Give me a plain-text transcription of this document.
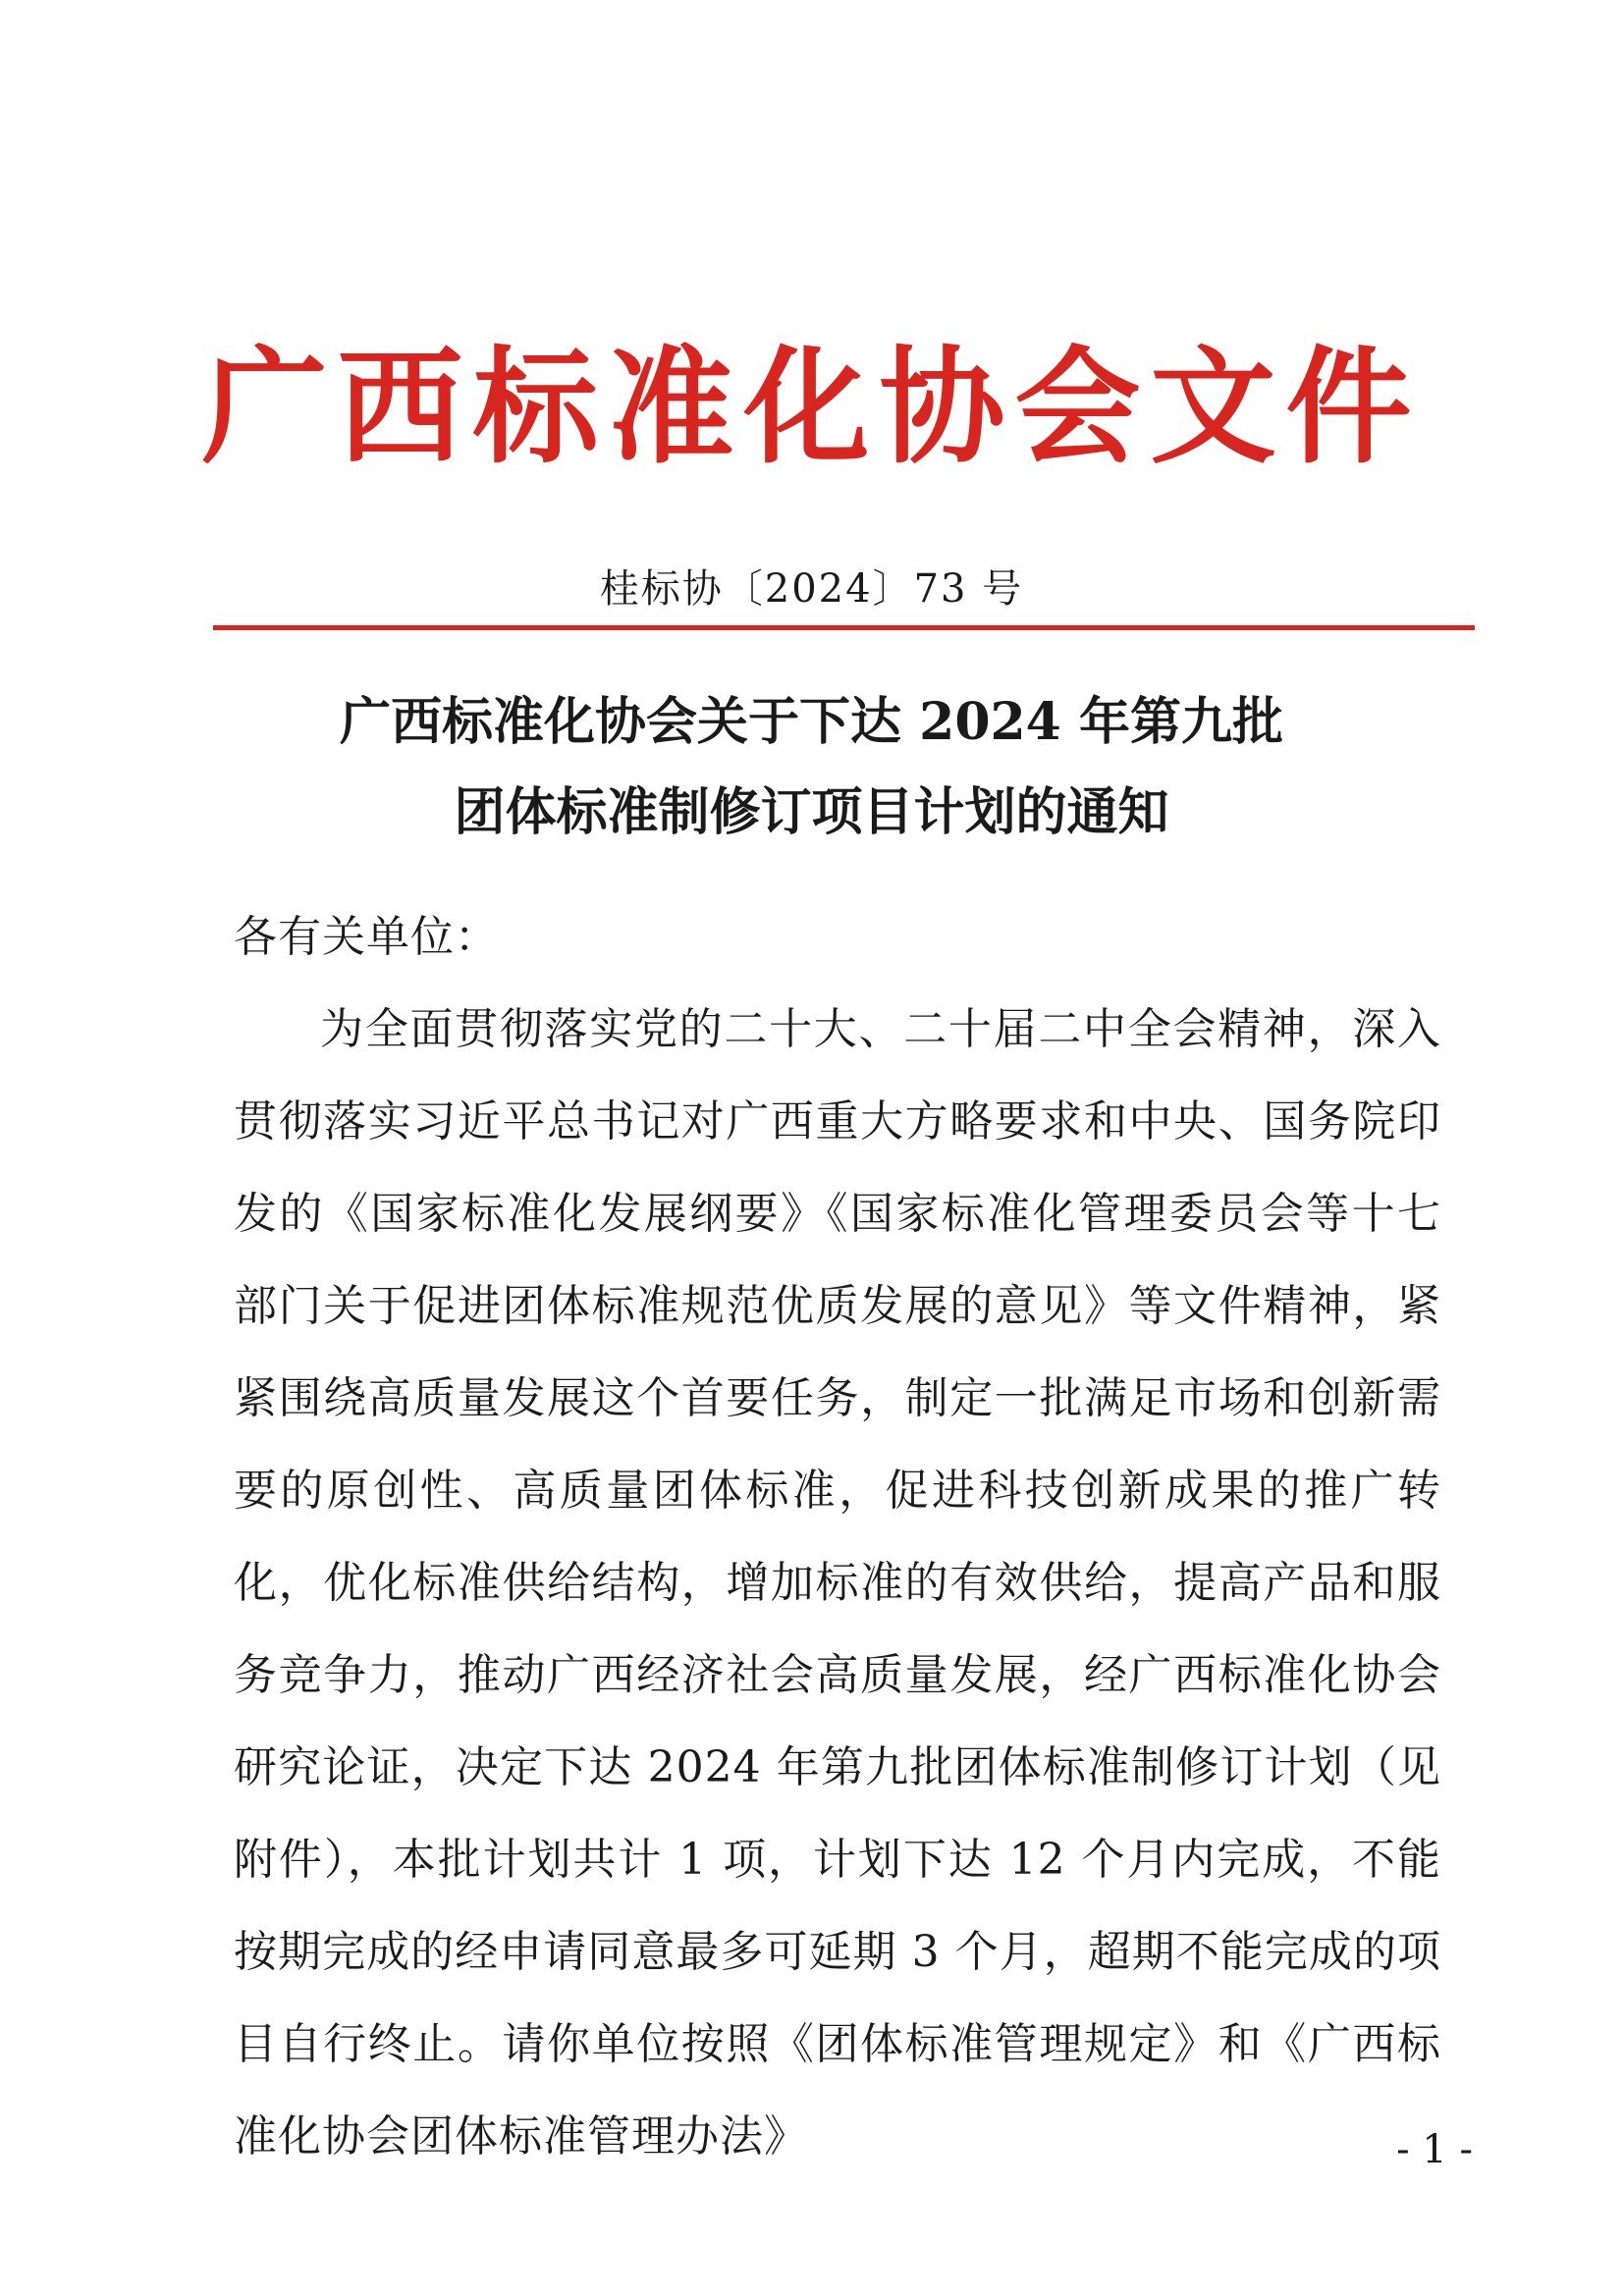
广西标准化协会文件
桂标协〔2024〕73 号
广西标准化协会关于下达 2024 年第九批
团体标准制修订项目计划的通知

各有关单位：

为全面贯彻落实党的二十大、二十届二中全会精神，深入贯彻落实习近平总书记对广西重大方略要求和中央、国务院印发的《国家标准化发展纲要》《国家标准化管理委员会等十七部门关于促进团体标准规范优质发展的意见》等文件精神，紧紧围绕高质量发展这个首要任务，制定一批满足市场和创新需要的原创性、高质量团体标准，促进科技创新成果的推广转化，优化标准供给结构，增加标准的有效供给，提高产品和服务竞争力，推动广西经济社会高质量发展，经广西标准化协会研究论证，决定下达 2024 年第九批团体标准制修订计划（见附件），本批计划共计 1 项，计划下达 12 个月内完成，不能按期完成的经申请同意最多可延期 3 个月，超期不能完成的项目自行终止。请你单位按照《团体标准管理规定》和《广西标准化协会团体标准管理办法》	- 1 -
